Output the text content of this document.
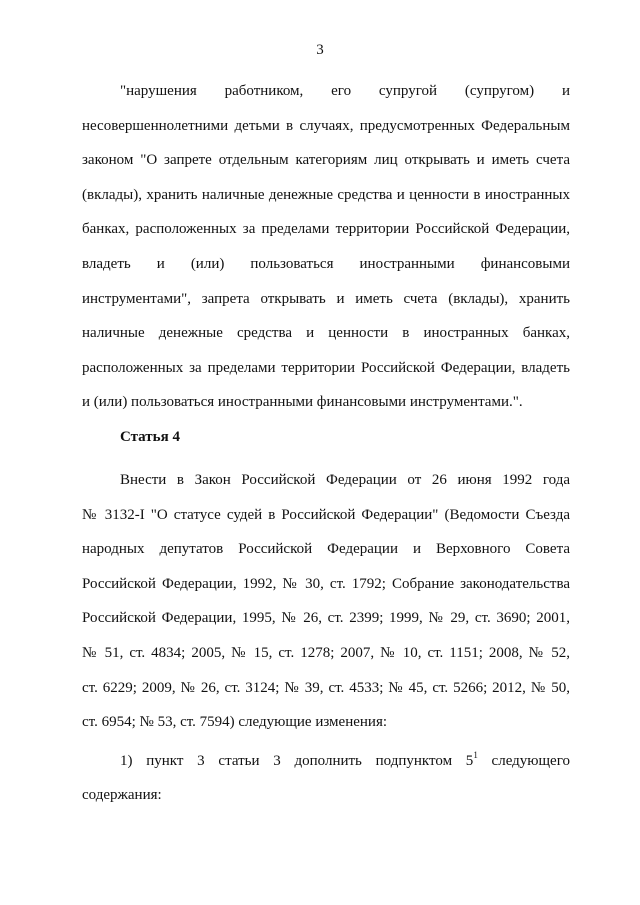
3

"нарушения работником, его супругой (супругом) и
несовершеннолетними детьми в случаях, предусмотренных Федеральным
законом "О запрете отдельным категориям лиц открывать и иметь счета
(вклады), хранить наличные денежные средства и ценности в иностранных
банках, расположенных за пределами территории Российской Федерации,
владеть и (или) пользоваться иностранными финансовыми
инструментами", запрета открывать и иметь счета (вклады), хранить
наличные денежные средства и ценности в иностранных банках,
расположенных за пределами территории Российской Федерации, владеть
и (или) пользоваться иностранными финансовыми инструментами.".

Статья 4

Внести в Закон Российской Федерации от 26 июня 1992 года
№ 3132-I "О статусе судей в Российской Федерации" (Ведомости Съезда
народных депутатов Российской Федерации и Верховного Совета
Российской Федерации, 1992, № 30, ст. 1792; Собрание законодательства
Российской Федерации, 1995, № 26, ст. 2399; 1999, № 29, ст. 3690; 2001,
№ 51, ст. 4834; 2005, № 15, ст. 1278; 2007, № 10, ст. 1151; 2008, № 52,
ст. 6229; 2009, № 26, ст. 3124; № 39, ст. 4533; № 45, ст. 5266; 2012, № 50,
ст. 6954; № 53, ст. 7594) следующие изменения:

1) пункт 3 статьи 3 дополнить подпунктом $5^1$ следующего
содержания:
